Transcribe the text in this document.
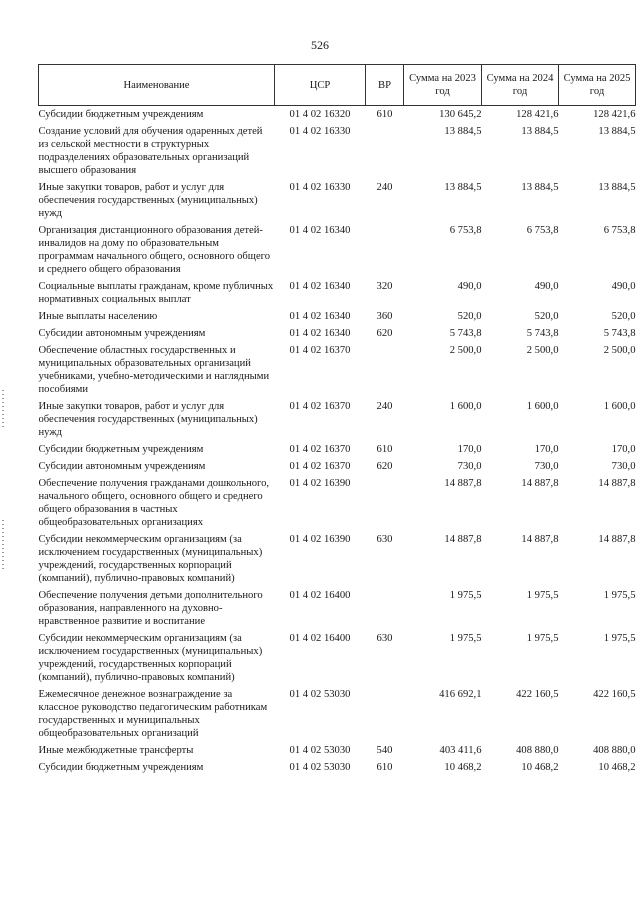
526
Наименование	ЦСР	ВР	Сумма на 2023 год	Сумма на 2024 год	Сумма на 2025 год
Субсидии бюджетным учреждениям	01 4 02 16320	610	130 645,2	128 421,6	128 421,6
Создание условий для обучения одаренных детей из сельской местности в структурных подразделениях образовательных организаций высшего образования	01 4 02 16330		13 884,5	13 884,5	13 884,5
Иные закупки товаров, работ и услуг для обеспечения государственных (муниципальных) нужд	01 4 02 16330	240	13 884,5	13 884,5	13 884,5
Организация дистанционного образования детей-инвалидов на дому по образовательным программам начального общего, основного общего и среднего общего образования	01 4 02 16340		6 753,8	6 753,8	6 753,8
Социальные выплаты гражданам, кроме публичных нормативных социальных выплат	01 4 02 16340	320	490,0	490,0	490,0
Иные выплаты населению	01 4 02 16340	360	520,0	520,0	520,0
Субсидии автономным учреждениям	01 4 02 16340	620	5 743,8	5 743,8	5 743,8
Обеспечение областных государственных и муниципальных образовательных организаций учебниками, учебно-методическими и наглядными пособиями	01 4 02 16370		2 500,0	2 500,0	2 500,0
Иные закупки товаров, работ и услуг для обеспечения государственных (муниципальных) нужд	01 4 02 16370	240	1 600,0	1 600,0	1 600,0
Субсидии бюджетным учреждениям	01 4 02 16370	610	170,0	170,0	170,0
Субсидии автономным учреждениям	01 4 02 16370	620	730,0	730,0	730,0
Обеспечение получения гражданами дошкольного, начального общего, основного общего и среднего общего образования в частных общеобразовательных организациях	01 4 02 16390		14 887,8	14 887,8	14 887,8
Субсидии некоммерческим организациям (за исключением государственных (муниципальных) учреждений, государственных корпораций (компаний), публично-правовых компаний)	01 4 02 16390	630	14 887,8	14 887,8	14 887,8
Обеспечение получения детьми дополнительного образования, направленного на духовно-нравственное развитие и воспитание	01 4 02 16400		1 975,5	1 975,5	1 975,5
Субсидии некоммерческим организациям (за исключением государственных (муниципальных) учреждений, государственных корпораций (компаний), публично-правовых компаний)	01 4 02 16400	630	1 975,5	1 975,5	1 975,5
Ежемесячное денежное вознаграждение за классное руководство педагогическим работникам государственных и муниципальных общеобразовательных организаций	01 4 02 53030		416 692,1	422 160,5	422 160,5
Иные межбюджетные трансферты	01 4 02 53030	540	403 411,6	408 880,0	408 880,0
Субсидии бюджетным учреждениям	01 4 02 53030	610	10 468,2	10 468,2	10 468,2
